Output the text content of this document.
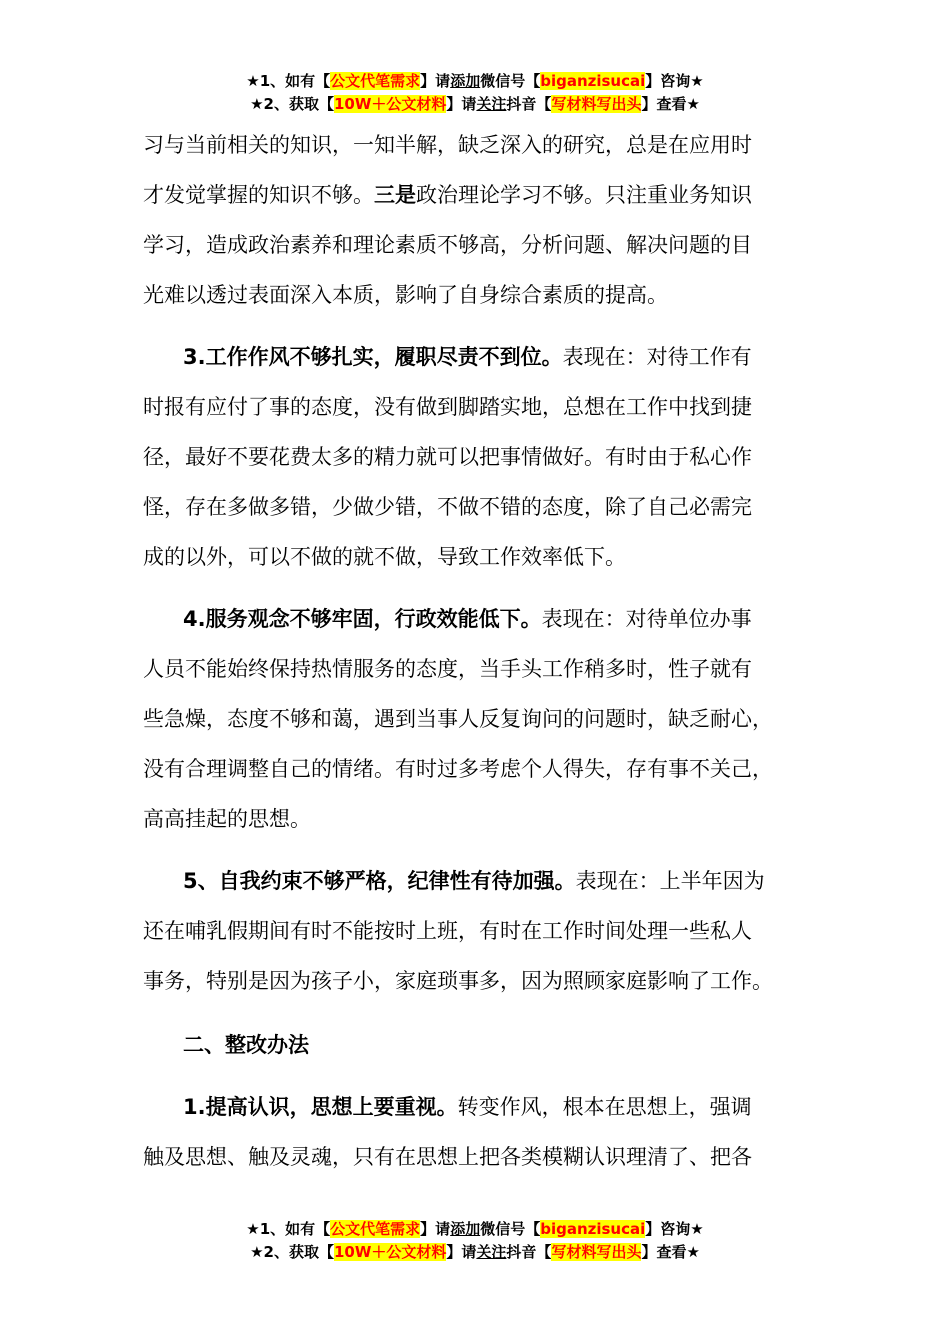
★1、如有【公文代笔需求】请添加微信号【biganzisucai】咨询★
★2、获取【10W＋公文材料】请关注抖音【写材料写出头】查看★
习与当前相关的知识，一知半解，缺乏深入的研究，总是在应用时
才发觉掌握的知识不够。三是政治理论学习不够。只注重业务知识
学习，造成政治素养和理论素质不够高，分析问题、解决问题的目
光难以透过表面深入本质，影响了自身综合素质的提高。
3.工作作风不够扎实，履职尽责不到位。表现在：对待工作有
时报有应付了事的态度，没有做到脚踏实地，总想在工作中找到捷
径，最好不要花费太多的精力就可以把事情做好。有时由于私心作
怪，存在多做多错，少做少错，不做不错的态度，除了自己必需完
成的以外，可以不做的就不做，导致工作效率低下。
4.服务观念不够牢固，行政效能低下。表现在：对待单位办事
人员不能始终保持热情服务的态度，当手头工作稍多时，性子就有
些急燥，态度不够和蔼，遇到当事人反复询问的问题时，缺乏耐心，
没有合理调整自己的情绪。有时过多考虑个人得失，存有事不关己，
高高挂起的思想。
5、自我约束不够严格，纪律性有待加强。表现在：上半年因为
还在哺乳假期间有时不能按时上班，有时在工作时间处理一些私人
事务，特别是因为孩子小，家庭琐事多，因为照顾家庭影响了工作。
二、整改办法
1.提高认识，思想上要重视。转变作风，根本在思想上，强调
触及思想、触及灵魂，只有在思想上把各类模糊认识理清了、把各
★1、如有【公文代笔需求】请添加微信号【biganzisucai】咨询★
★2、获取【10W＋公文材料】请关注抖音【写材料写出头】查看★
